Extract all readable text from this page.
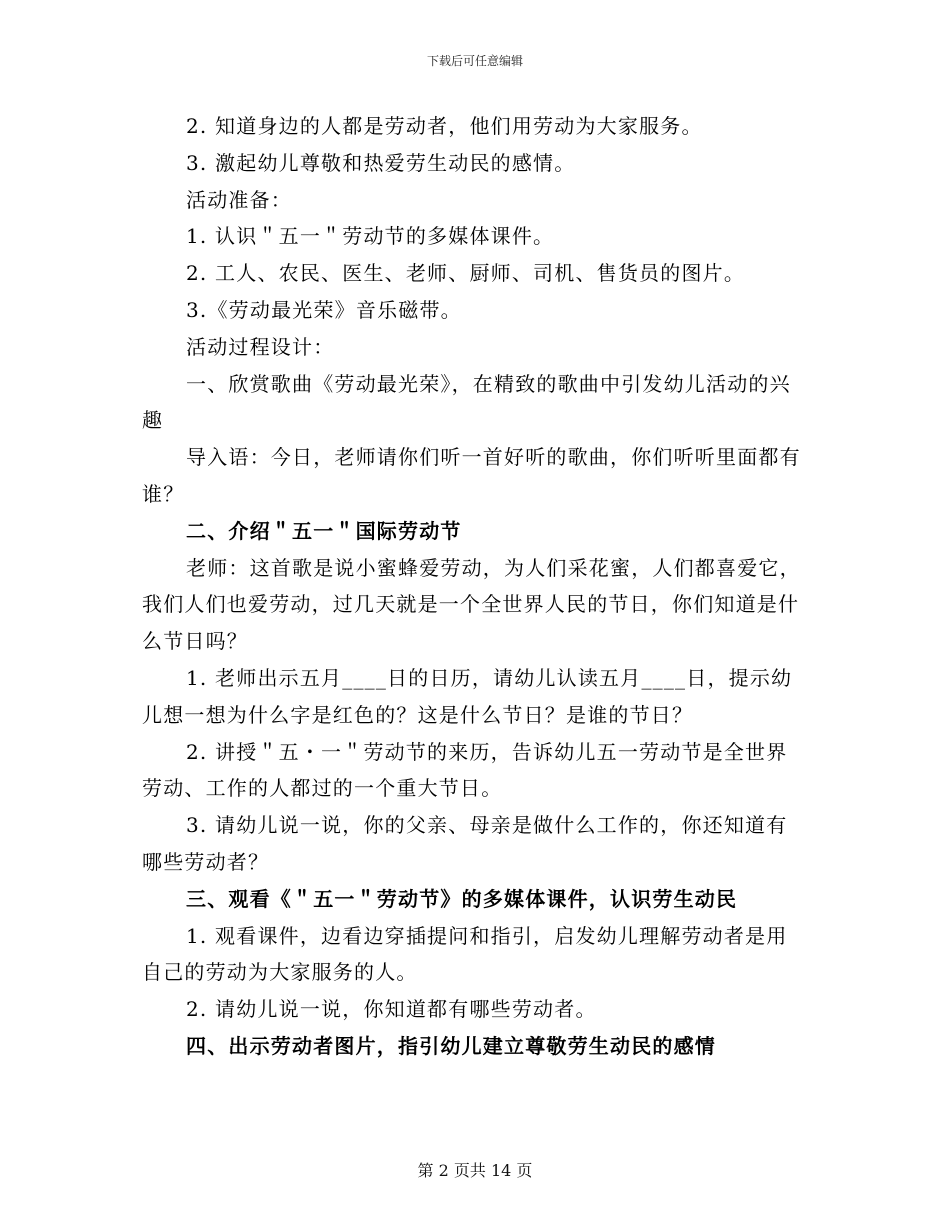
下载后可任意编辑

2. 知道身边的人都是劳动者，他们用劳动为大家服务。

3. 激起幼儿尊敬和热爱劳生动民的感情。

活动准备：

1. 认识＂五一＂劳动节的多媒体课件。

2. 工人、农民、医生、老师、厨师、司机、售货员的图片。

3.《劳动最光荣》音乐磁带。

活动过程设计：

一、欣赏歌曲《劳动最光荣》，在精致的歌曲中引发幼儿活动的兴趣

导入语：今日，老师请你们听一首好听的歌曲，你们听听里面都有谁？

二、介绍＂五一＂国际劳动节

老师：这首歌是说小蜜蜂爱劳动，为人们采花蜜，人们都喜爱它，我们人们也爱劳动，过几天就是一个全世界人民的节日，你们知道是什么节日吗？

1. 老师出示五月____日的日历，请幼儿认读五月____日，提示幼儿想一想为什么字是红色的？这是什么节日？是谁的节日？

2. 讲授＂五・一＂劳动节的来历，告诉幼儿五一劳动节是全世界劳动、工作的人都过的一个重大节日。

3. 请幼儿说一说，你的父亲、母亲是做什么工作的，你还知道有哪些劳动者？

三、观看《＂五一＂劳动节》的多媒体课件，认识劳生动民

1. 观看课件，边看边穿插提问和指引，启发幼儿理解劳动者是用自己的劳动为大家服务的人。

2. 请幼儿说一说，你知道都有哪些劳动者。

四、出示劳动者图片，指引幼儿建立尊敬劳生动民的感情

第 2 页共 14 页
